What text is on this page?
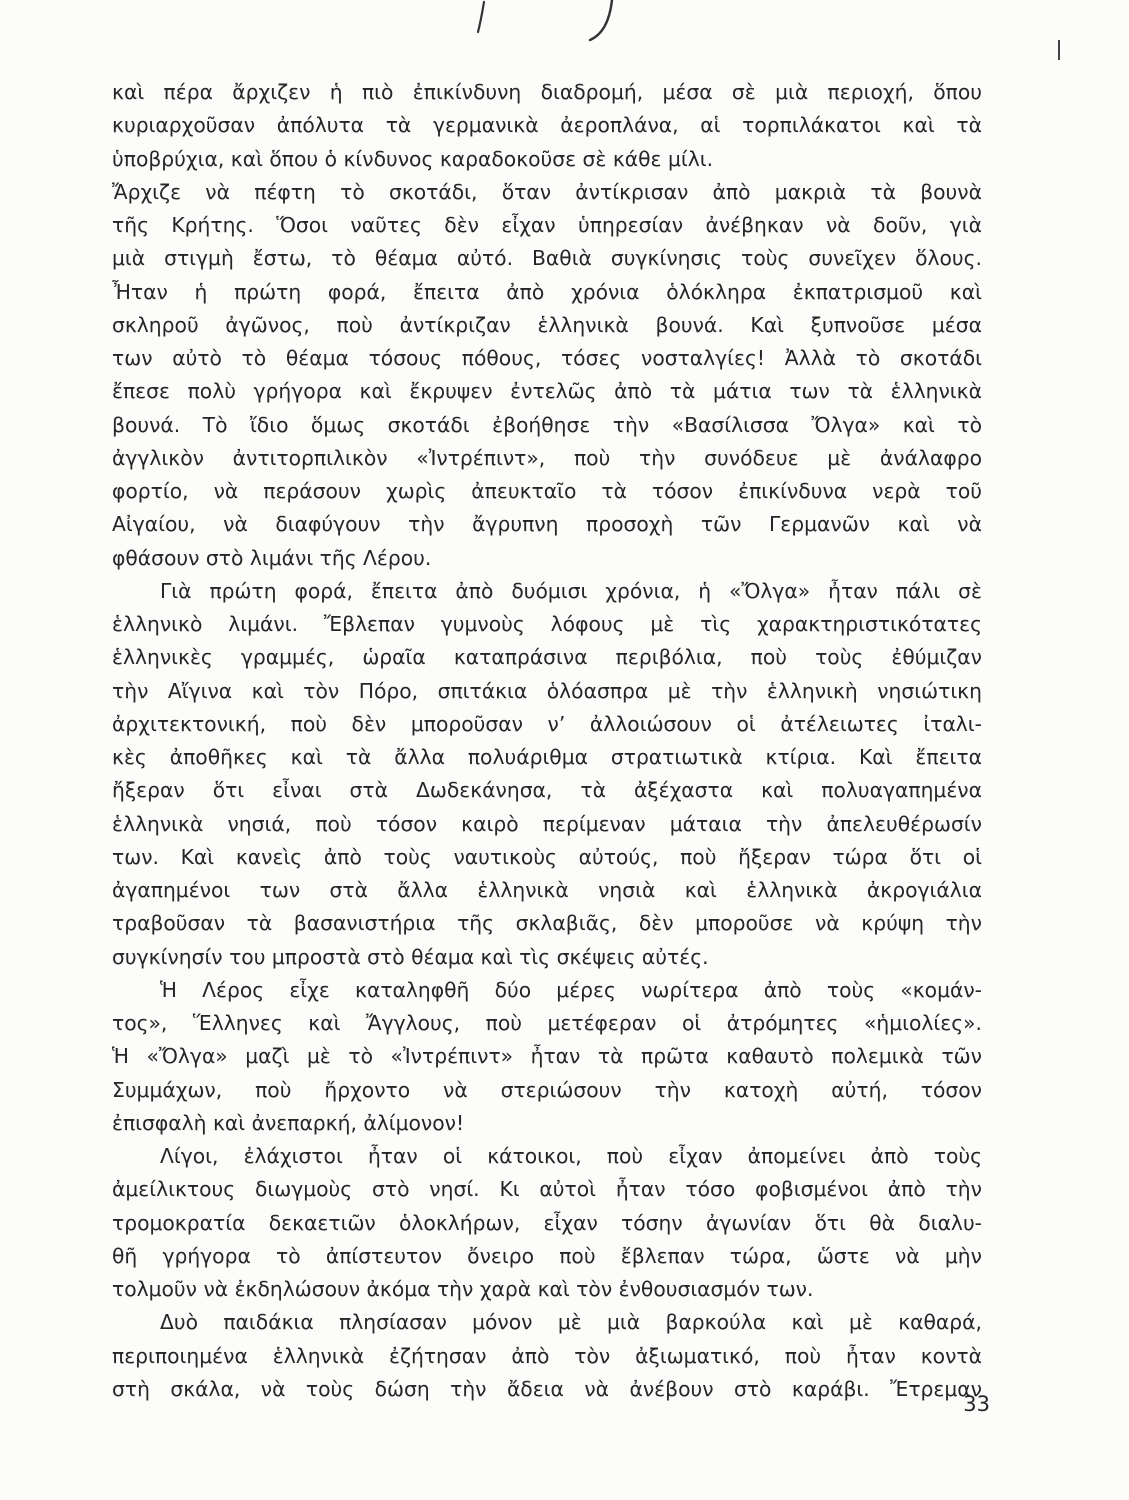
καὶ πέρα ἄρχιζεν ἡ πιὸ ἐπικίνδυνη διαδρομή, μέσα σὲ μιὰ περιοχή, ὅπου
κυριαρχοῦσαν ἀπόλυτα τὰ γερμανικὰ ἀεροπλάνα, αἱ τορπιλάκατοι καὶ τὰ
ὑποβρύχια, καὶ ὅπου ὁ κίνδυνος καραδοκοῦσε σὲ κάθε μίλι.
Ἄρχιζε νὰ πέφτη τὸ σκοτάδι, ὅταν ἀντίκρισαν ἀπὸ μακριὰ τὰ βουνὰ
τῆς Κρήτης. Ὅσοι ναῦτες δὲν εἶχαν ὑπηρεσίαν ἀνέβηκαν νὰ δοῦν, γιὰ
μιὰ στιγμὴ ἔστω, τὸ θέαμα αὐτό. Βαθιὰ συγκίνησις τοὺς συνεῖχεν ὅλους.
Ἦταν ἡ πρώτη φορά, ἔπειτα ἀπὸ χρόνια ὁλόκληρα ἐκπατρισμοῦ καὶ
σκληροῦ ἀγῶνος, ποὺ ἀντίκριζαν ἑλληνικὰ βουνά. Καὶ ξυπνοῦσε μέσα
των αὐτὸ τὸ θέαμα τόσους πόθους, τόσες νοσταλγίες! Ἀλλὰ τὸ σκοτάδι
ἔπεσε πολὺ γρήγορα καὶ ἔκρυψεν ἐντελῶς ἀπὸ τὰ μάτια των τὰ ἑλληνικὰ
βουνά. Τὸ ἴδιο ὅμως σκοτάδι ἐβοήθησε τὴν «Βασίλισσα Ὄλγα» καὶ τὸ
ἀγγλικὸν ἀντιτορπιλικὸν «Ἰντρέπιντ», ποὺ τὴν συνόδευε μὲ ἀνάλαφρο
φορτίο, νὰ περάσουν χωρὶς ἀπευκταῖο τὰ τόσον ἐπικίνδυνα νερὰ τοῦ
Αἰγαίου, νὰ διαφύγουν τὴν ἄγρυπνη προσοχὴ τῶν Γερμανῶν καὶ νὰ
φθάσουν στὸ λιμάνι τῆς Λέρου.
Γιὰ πρώτη φορά, ἔπειτα ἀπὸ δυόμισι χρόνια, ἡ «Ὄλγα» ἦταν πάλι σὲ
ἑλληνικὸ λιμάνι. Ἔβλεπαν γυμνοὺς λόφους μὲ τὶς χαρακτηριστικότατες
ἑλληνικὲς γραμμές, ὡραῖα καταπράσινα περιβόλια, ποὺ τοὺς ἐθύμιζαν
τὴν Αἴγινα καὶ τὸν Πόρο, σπιτάκια ὁλόασπρα μὲ τὴν ἑλληνικὴ νησιώτικη
ἀρχιτεκτονική, ποὺ δὲν μποροῦσαν ν’ ἀλλοιώσουν οἱ ἀτέλειωτες ἰταλι-
κὲς ἀποθῆκες καὶ τὰ ἄλλα πολυάριθμα στρατιωτικὰ κτίρια. Καὶ ἔπειτα
ἤξεραν ὅτι εἶναι στὰ Δωδεκάνησα, τὰ ἀξέχαστα καὶ πολυαγαπημένα
ἑλληνικὰ νησιά, ποὺ τόσον καιρὸ περίμεναν μάταια τὴν ἀπελευθέρωσίν
των. Καὶ κανεὶς ἀπὸ τοὺς ναυτικοὺς αὐτούς, ποὺ ἤξεραν τώρα ὅτι οἱ
ἀγαπημένοι των στὰ ἄλλα ἑλληνικὰ νησιὰ καὶ ἑλληνικὰ ἀκρογιάλια
τραβοῦσαν τὰ βασανιστήρια τῆς σκλαβιᾶς, δὲν μποροῦσε νὰ κρύψη τὴν
συγκίνησίν του μπροστὰ στὸ θέαμα καὶ τὶς σκέψεις αὐτές.
Ἡ Λέρος εἶχε καταληφθῆ δύο μέρες νωρίτερα ἀπὸ τοὺς «κομάν-
τος», Ἕλληνες καὶ Ἄγγλους, ποὺ μετέφεραν οἱ ἀτρόμητες «ἡμιολίες».
Ἡ «Ὄλγα» μαζὶ μὲ τὸ «Ἰντρέπιντ» ἦταν τὰ πρῶτα καθαυτὸ πολεμικὰ τῶν
Συμμάχων, ποὺ ἤρχοντο νὰ στεριώσουν τὴν κατοχὴ αὐτή, τόσον
ἐπισφαλὴ καὶ ἀνεπαρκή, ἀλίμονον!
Λίγοι, ἐλάχιστοι ἦταν οἱ κάτοικοι, ποὺ εἶχαν ἀπομείνει ἀπὸ τοὺς
ἀμείλικτους διωγμοὺς στὸ νησί. Κι αὐτοὶ ἦταν τόσο φοβισμένοι ἀπὸ τὴν
τρομοκρατία δεκαετιῶν ὁλοκλήρων, εἶχαν τόσην ἀγωνίαν ὅτι θὰ διαλυ-
θῆ γρήγορα τὸ ἀπίστευτον ὄνειρο ποὺ ἔβλεπαν τώρα, ὥστε νὰ μὴν
τολμοῦν νὰ ἐκδηλώσουν ἀκόμα τὴν χαρὰ καὶ τὸν ἐνθουσιασμόν των.
Δυὸ παιδάκια πλησίασαν μόνον μὲ μιὰ βαρκούλα καὶ μὲ καθαρά,
περιποιημένα ἑλληνικὰ ἐζήτησαν ἀπὸ τὸν ἀξιωματικό, ποὺ ἦταν κοντὰ
στὴ σκάλα, νὰ τοὺς δώση τὴν ἄδεια νὰ ἀνέβουν στὸ καράβι. Ἔτρεμαν
33
